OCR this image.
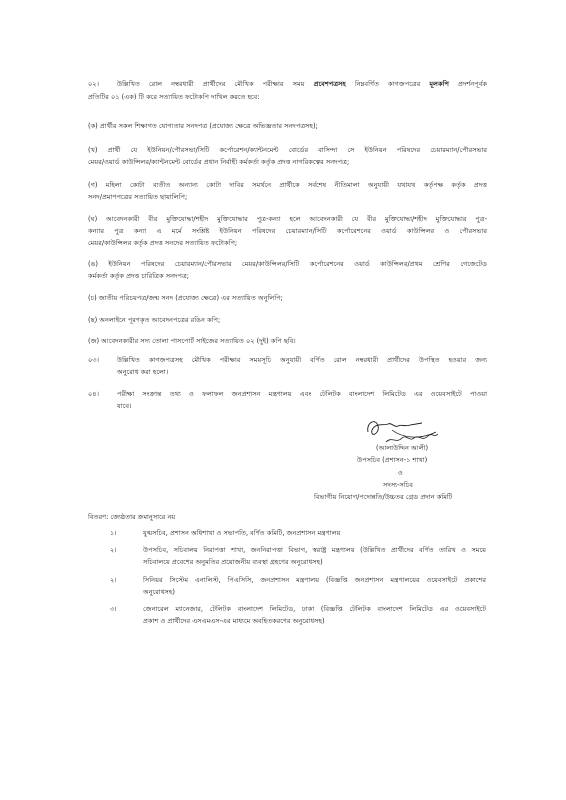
০২।	উল্লিখিত রোল নম্বরধারী প্রার্থীদের মৌখিক পরীক্ষার সময় প্রবেশপত্রসহ নিম্নবর্ণিত কাগজপত্রের মূলকপি প্রদর্শনপূর্বক
প্রতিটির ০১ (এক) টি করে সত্যায়িত ফটোকপি দাখিল করতে হবে:
(ক) প্রার্থীর সকল শিক্ষাগত যোগ্যতার সনদপত্র (প্রযোজ্য ক্ষেত্রে অভিজ্ঞতার সনদপত্রসহ);
(খ) প্রার্থী যে ইউনিয়ন/পৌরসভা/সিটি কর্পোরেশন/ক্যান্টনমেন্ট বোর্ডের বাসিন্দা সে ইউনিয়ন পরিষদের চেয়ারম্যান/পৌরসভার
মেয়র/ওয়ার্ড কাউন্সিলর/ক্যান্টনমেন্ট বোর্ডের প্রধান নির্বাহী কর্মকর্তা কর্তৃক প্রদত্ত নাগরিকত্বের সনদপত্র;
(গ) মহিলা কোটা ব্যতীত অন্যান্য কোটা দাবির সমর্থনে প্রার্থীকে সর্বশেষ নীতিমালা অনুযায়ী যথাযথ কর্তৃপক্ষ কর্তৃক প্রদত্ত
সনদ/প্রমাণপত্রের সত্যায়িত ছায়ালিপি;
(ঘ) আবেদনকারী বীর মুক্তিযোদ্ধা/শহীদ মুক্তিযোদ্ধার পুত্র-কন্যা হলে আবেদনকারী যে বীর মুক্তিযোদ্ধা/শহীদ মুক্তিযোদ্ধার পুত্র-
কন্যার পুত্র কন্যা এ মর্মে সংশ্লিষ্ট ইউনিয়ন পরিষদের চেয়ারম্যান/সিটি কর্পোরেশনের ওয়ার্ড কাউন্সিলর ও পৌরসভার
মেয়র/কাউন্সিলর কর্তৃক প্রদত্ত সনদের সত্যায়িত ফটোকপি;
(ঙ) ইউনিয়ন পরিষদের চেয়ারম্যান/পৌরসভার মেয়র/কাউন্সিলর/সিটি কর্পোরেশনের ওয়ার্ড কাউন্সিলর/প্রথম শ্রেণির গেজেটেড
কর্মকর্তা কর্তৃক প্রদত্ত চারিত্রিক সনদপত্র;
(চ) জাতীয় পরিচয়পত্র/জন্ম সনদ (প্রযোজ্য ক্ষেত্রে) এর সত্যায়িত অনুলিপি;
(ছ) অনলাইনে পূরণকৃত আবেদনপত্রের রঙিন কপি;
(জ) আবেদনকারীর সদ্য তোলা পাসপোর্ট সাইজের সত্যায়িত ০২ (দুই) কপি ছবি।
০৩।	উল্লিখিত কাগজপত্রসহ মৌখিক পরীক্ষার সময়সূচি অনুযায়ী বর্ণিত রোল নম্বরধারী প্রার্থীদের উপস্থিত হওয়ার জন্য
অনুরোধ করা হলো।
০৪।	পরীক্ষা সংক্রান্ত তথ্য ও ফলাফল জনপ্রশাসন মন্ত্রণালয় এবং টেলিটক বাংলাদেশ লিমিটেড এর ওয়েবসাইটে পাওয়া
যাবে।
(আলাউদ্দিন আলী)
উপসচিব (প্রশাসন-১ শাখা)
ও
সদস্য-সচিব
বিভাগীয় নিয়োগ/পদোন্নতি/উচ্চতর গ্রেড প্রদান কমিটি
বিতরণ: জ্যেষ্ঠতার ক্রমানুসারে নয়
১।	যুগ্মসচিব, প্রশাসন অধিশাখা ও সভাপতি, বর্ণিত কমিটি, জনপ্রশাসন মন্ত্রণালয়
২।	উপসচিব, সচিবালয় নিরাপত্তা শাখা, জননিরাপত্তা বিভাগ, স্বরাষ্ট্র মন্ত্রণালয় (উল্লিখিত প্রার্থীদের বর্ণিত তারিখ ও সময়ে
সচিবালয়ে প্রবেশের অনুমতির প্রয়োজনীয় ব্যবস্থা গ্রহণের অনুরোধসহ)
২।	সিনিয়র সিস্টেম এনালিস্ট, পিএসিসি, জনপ্রশাসন মন্ত্রণালয় (বিজ্ঞপ্তি জনপ্রশাসন মন্ত্রণালয়ের ওয়েবসাইটে প্রকাশের
অনুরোধসহ)
৩।	জেনারেল ম্যানেজার, টেলিটক বাংলাদেশ লিমিটেড, ঢাকা (বিজ্ঞপ্তি টেলিটক বাংলাদেশ লিমিটেড এর ওয়েবসাইটে
প্রকাশ ও প্রার্থীদের এসএমএস-এর মাধ্যমে অবহিতকরণের অনুরোধসহ)
